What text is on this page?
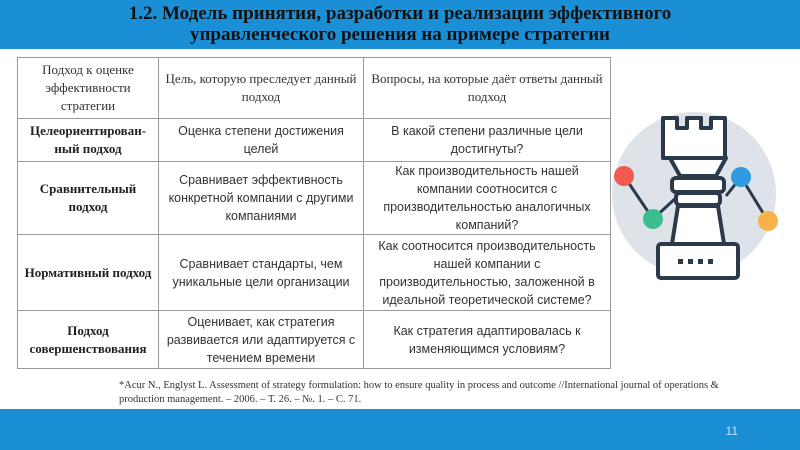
1.2. Модель принятия, разработки и реализации эффективного
управленческого решения на примере стратегии
Подход к оценке эффективности стратегии	Цель, которую преследует данный подход	Вопросы, на которые даёт ответы данный подход
Целеориентирован-ный подход	Оценка степени достижения целей	В какой степени различные цели достигнуты?
Сравнительный подход	Сравнивает эффективность конкретной компании с другими компаниями	Как производительность нашей компании соотносится с производительностью аналогичных компаний?
Нормативный подход	Сравнивает стандарты, чем уникальные цели организации	Как соотносится производительность нашей компании с производительностью, заложенной в идеальной теоретической системе?
Подход совершенствования	Оценивает, как стратегия развивается или адаптируется с течением времени	Как стратегия адаптировалась к изменяющимся условиям?
*Acur N., Englyst L. Assessment of strategy formulation: how to ensure quality in process and outcome //International journal of operations & production management. – 2006. – Т. 26. – №. 1. – С. 71.
11
